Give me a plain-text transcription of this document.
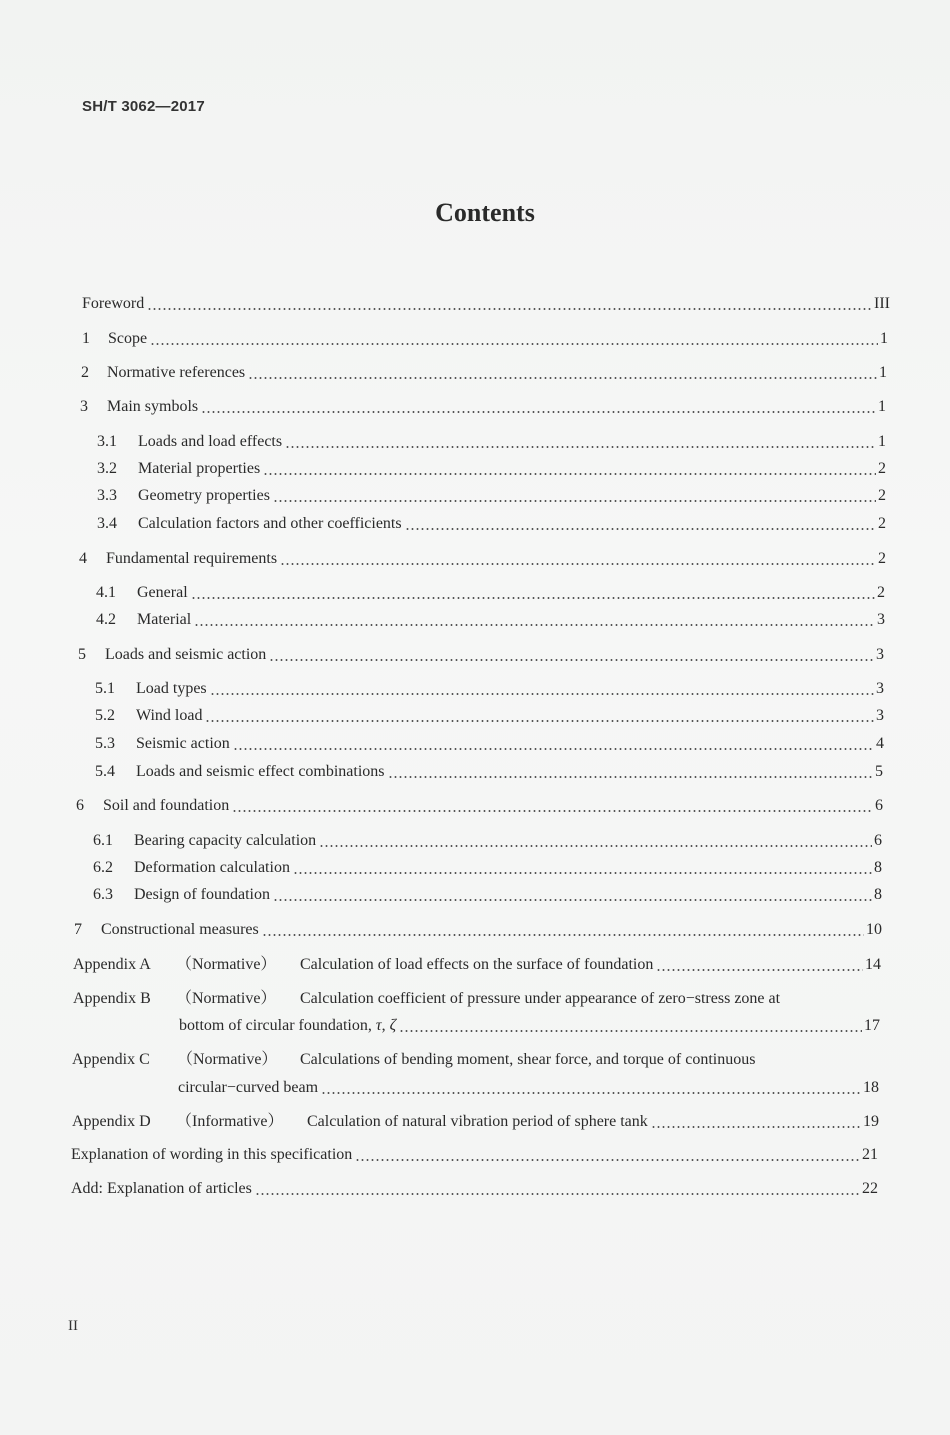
SH/T 3062—2017
Contents
Foreword	III
1	Scope	1
2	Normative references	1
3	Main symbols	1
3.1	Loads and load effects	1
3.2	Material properties	2
3.3	Geometry properties	2
3.4	Calculation factors and other coefficients	2
4	Fundamental requirements	2
4.1	General	2
4.2	Material	3
5	Loads and seismic action	3
5.1	Load types	3
5.2	Wind load	3
5.3	Seismic action	4
5.4	Loads and seismic effect combinations	5
6	Soil and foundation	6
6.1	Bearing capacity calculation	6
6.2	Deformation calculation	8
6.3	Design of foundation	8
7	Constructional measures	10
Appendix A	（Normative）	Calculation of load effects on the surface of foundation	14
Appendix B （Normative） Calculation coefficient of pressure under appearance of zero−stress zone at
bottom of circular foundation, τ, ζ	17
Appendix C （Normative） Calculations of bending moment, shear force, and torque of continuous
circular−curved beam	18
Appendix D	（Informative）	Calculation of natural vibration period of sphere tank	19
Explanation of wording in this specification	21
Add: Explanation of articles	22
II
